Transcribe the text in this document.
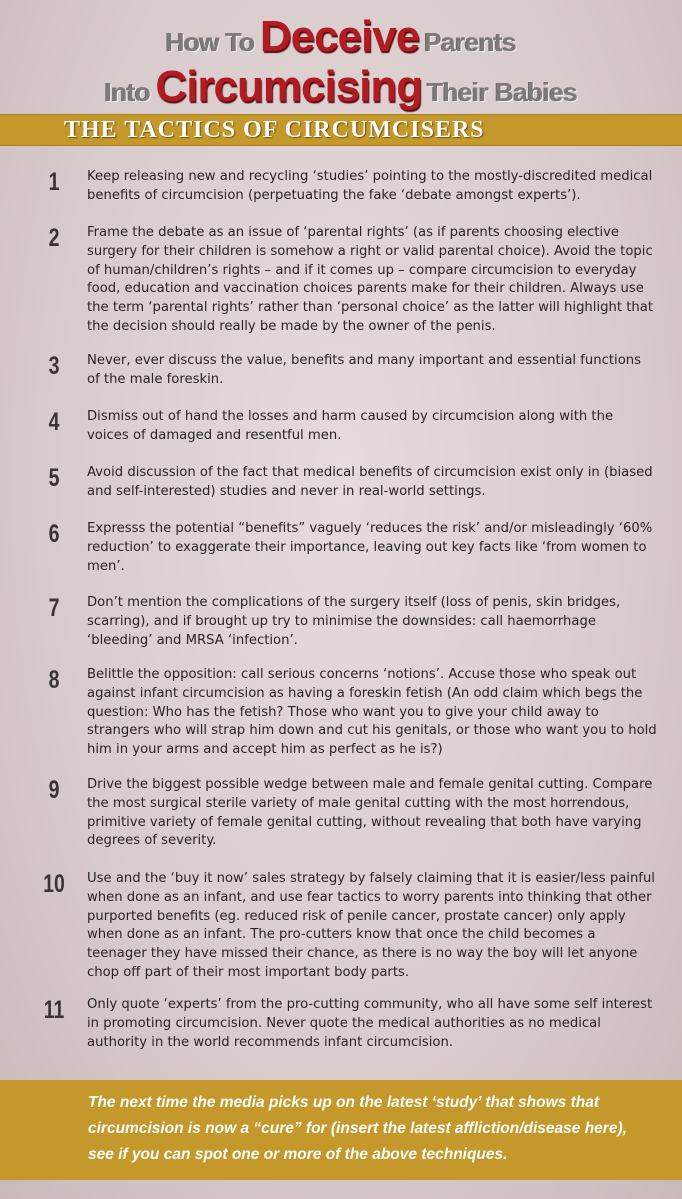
How To Deceive Parents
Into Circumcising Their Babies
THE TACTICS OF CIRCUMCISERS
1	Keep releasing new and recycling ‘studies’ pointing to the mostly-discredited medical benefits of circumcision (perpetuating the fake ‘debate amongst experts’).
2	Frame the debate as an issue of ‘parental rights’ (as if parents choosing elective surgery for their children is somehow a right or valid parental choice). Avoid the topic of human/children’s rights – and if it comes up – compare circumcision to everyday food, education and vaccination choices parents make for their children. Always use the term ‘parental rights’ rather than ‘personal choice’ as the latter will highlight that the decision should really be made by the owner of the penis.
3	Never, ever discuss the value, benefits and many important and essential functions of the male foreskin.
4	Dismiss out of hand the losses and harm caused by circumcision along with the voices of damaged and resentful men.
5	Avoid discussion of the fact that medical benefits of circumcision exist only in (biased and self-interested) studies and never in real-world settings.
6	Expresss the potential “benefits” vaguely ‘reduces the risk’ and/or misleadingly ‘60% reduction’ to exaggerate their importance, leaving out key facts like ‘from women to men’.
7	Don’t mention the complications of the surgery itself (loss of penis, skin bridges, scarring), and if brought up try to minimise the downsides: call haemorrhage ‘bleeding’ and MRSA ‘infection’.
8	Belittle the opposition: call serious concerns ‘notions’. Accuse those who speak out against infant circumcision as having a foreskin fetish (An odd claim which begs the question: Who has the fetish? Those who want you to give your child away to strangers who will strap him down and cut his genitals, or those who want you to hold him in your arms and accept him as perfect as he is?)
9	Drive the biggest possible wedge between male and female genital cutting. Compare the most surgical sterile variety of male genital cutting with the most horrendous, primitive variety of female genital cutting, without revealing that both have varying degrees of severity.
10	Use and the ‘buy it now’ sales strategy by falsely claiming that it is easier/less painful when done as an infant, and use fear tactics to worry parents into thinking that other purported benefits (eg. reduced risk of penile cancer, prostate cancer) only apply when done as an infant. The pro-cutters know that once the child becomes a teenager they have missed their chance, as there is no way the boy will let anyone chop off part of their most important body parts.
11	Only quote ‘experts’ from the pro-cutting community, who all have some self interest in promoting circumcision. Never quote the medical authorities as no medical authority in the world recommends infant circumcision.
The next time the media picks up on the latest ‘study’ that shows that circumcision is now a “cure” for (insert the latest affliction/disease here), see if you can spot one or more of the above techniques.
